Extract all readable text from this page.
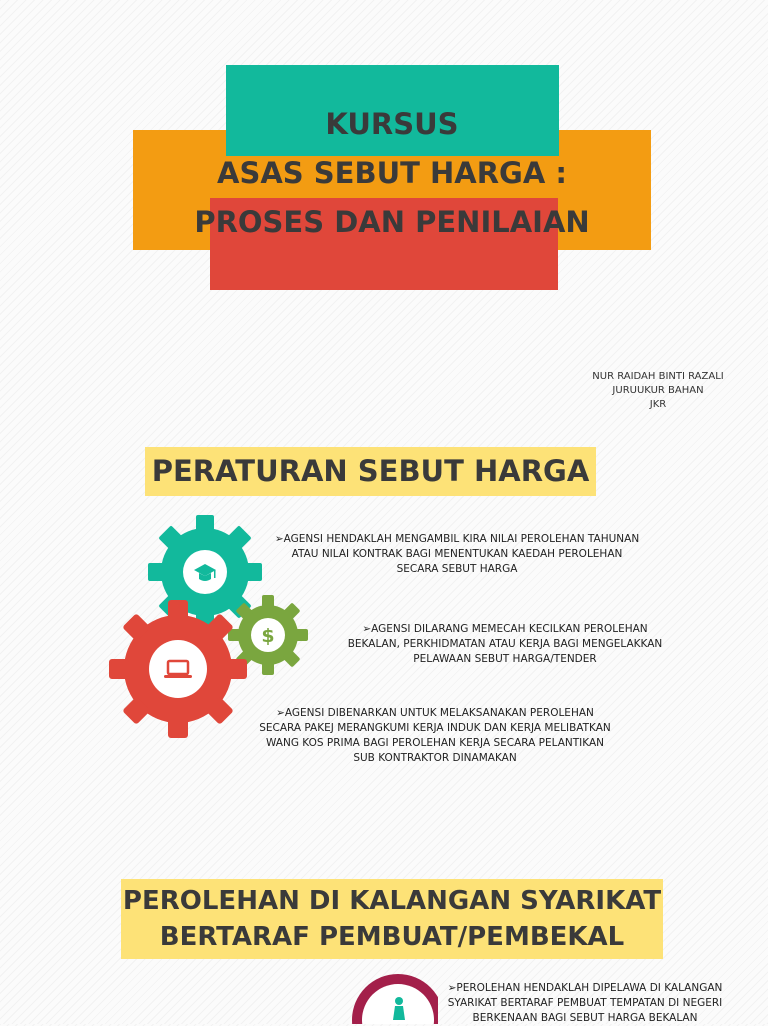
KURSUS
ASAS SEBUT HARGA :
PROSES DAN PENILAIAN
NUR RAIDAH BINTI RAZALI
JURUUKUR BAHAN
JKR
PERATURAN SEBUT HARGA
$
➢AGENSI HENDAKLAH MENGAMBIL KIRA NILAI PEROLEHAN TAHUNAN ATAU NILAI KONTRAK BAGI MENENTUKAN KAEDAH PEROLEHAN SECARA SEBUT HARGA
➢AGENSI DILARANG MEMECAH KECILKAN PEROLEHAN BEKALAN, PERKHIDMATAN ATAU KERJA BAGI MENGELAKKAN PELAWAAN SEBUT HARGA/TENDER
➢AGENSI DIBENARKAN UNTUK MELAKSANAKAN PEROLEHAN SECARA PAKEJ MERANGKUMI KERJA INDUK DAN KERJA MELIBATKAN WANG KOS PRIMA BAGI PEROLEHAN KERJA SECARA PELANTIKAN SUB KONTRAKTOR DINAMAKAN
PEROLEHAN DI KALANGAN SYARIKAT
BERTARAF PEMBUAT/PEMBEKAL
➢PEROLEHAN HENDAKLAH DIPELAWA DI KALANGAN SYARIKAT BERTARAF PEMBUAT TEMPATAN DI NEGERI BERKENAAN BAGI SEBUT HARGA BEKALAN
